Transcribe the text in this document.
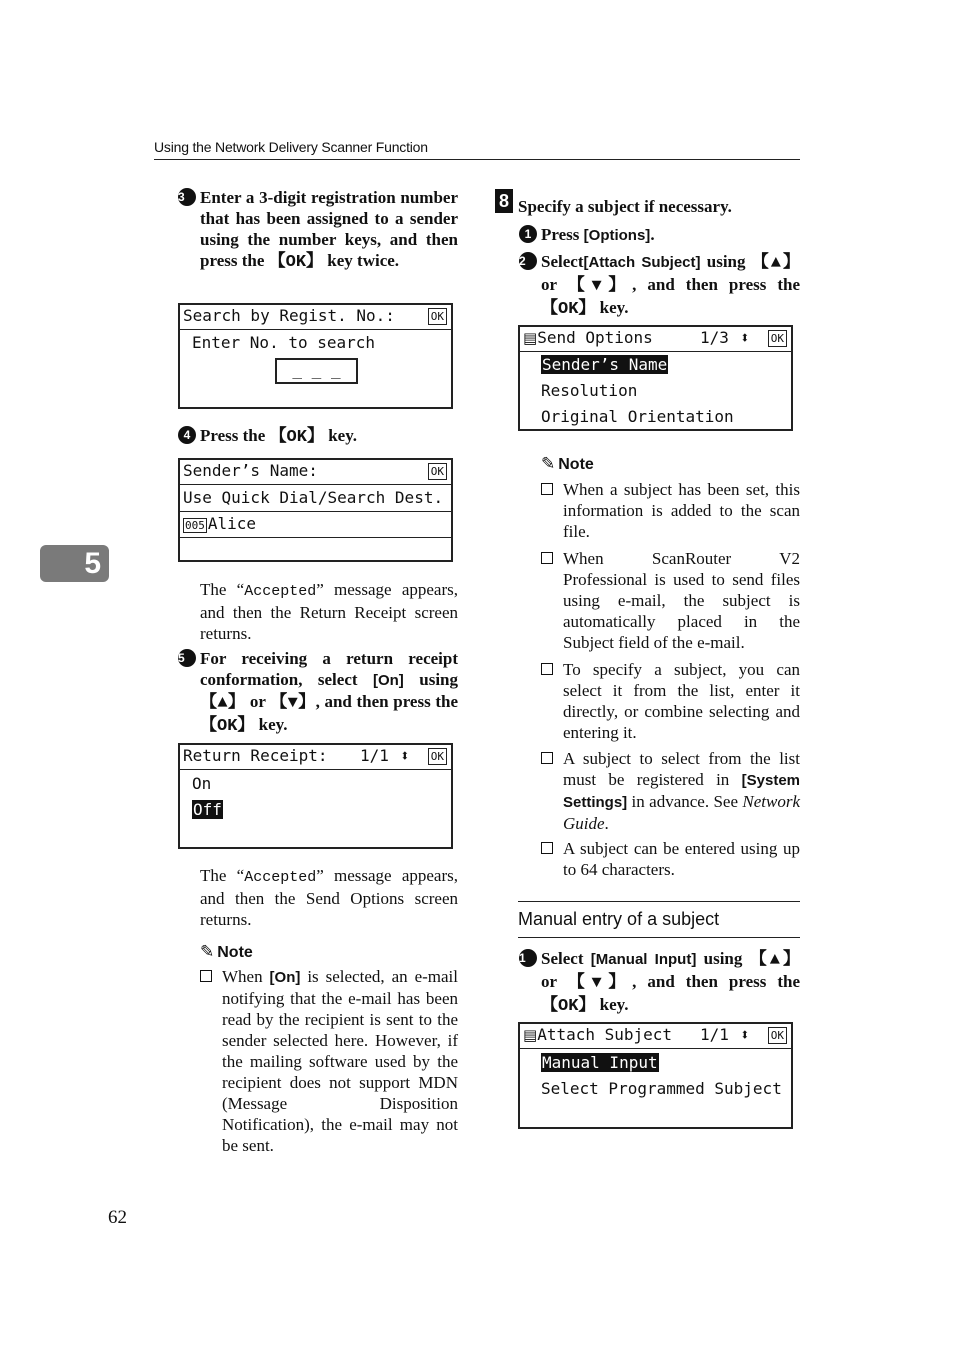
Using the Network Delivery Scanner Function
5
3 Enter a 3-digit registration number that has been assigned to a sender using the number keys, and then press the 【OK】 key twice.
Search by Regist. No.:	OK
Enter No. to search
_ _ _
4 Press the 【OK】 key.
Sender’s Name:	OK
Use Quick Dial/Search Dest.
005 Alice
The “Accepted” message appears, and then the Return Receipt screen returns.
5 For receiving a return receipt conformation, select [On] using 【▲】 or 【▼】, and then press the 【OK】 key.
Return Receipt:	1/1 ⬍ OK
On
Off
The “Accepted” message appears, and then the Send Options screen returns.
✎ Note
When [On] is selected, an e-mail notifying that the e-mail has been read by the recipient is sent to the sender selected here. However, if the mailing software used by the recipient does not support MDN (Message Disposition Notification), the e-mail may not be sent.
8 Specify a subject if necessary.
1 Press [Options].
2 Select[Attach Subject] using 【▲】 or 【▼】, and then press the 【OK】 key.
▤Send Options	1/3 ⬍ OK
Sender’s Name
Resolution
Original Orientation
✎ Note
When a subject has been set, this information is added to the scan file.
When ScanRouter V2 Professional is used to send files using e-mail, the subject is automatically placed in the Subject field of the e-mail.
To specify a subject, you can select it from the list, enter it directly, or combine selecting and entering it.
A subject to select from the list must be registered in [System Settings] in advance. See Network Guide.
A subject can be entered using up to 64 characters.
Manual entry of a subject
1 Select [Manual Input] using 【▲】 or 【▼】, and then press the 【OK】 key.
▤Attach Subject	1/1 ⬍ OK
Manual Input
Select Programmed Subject
62
